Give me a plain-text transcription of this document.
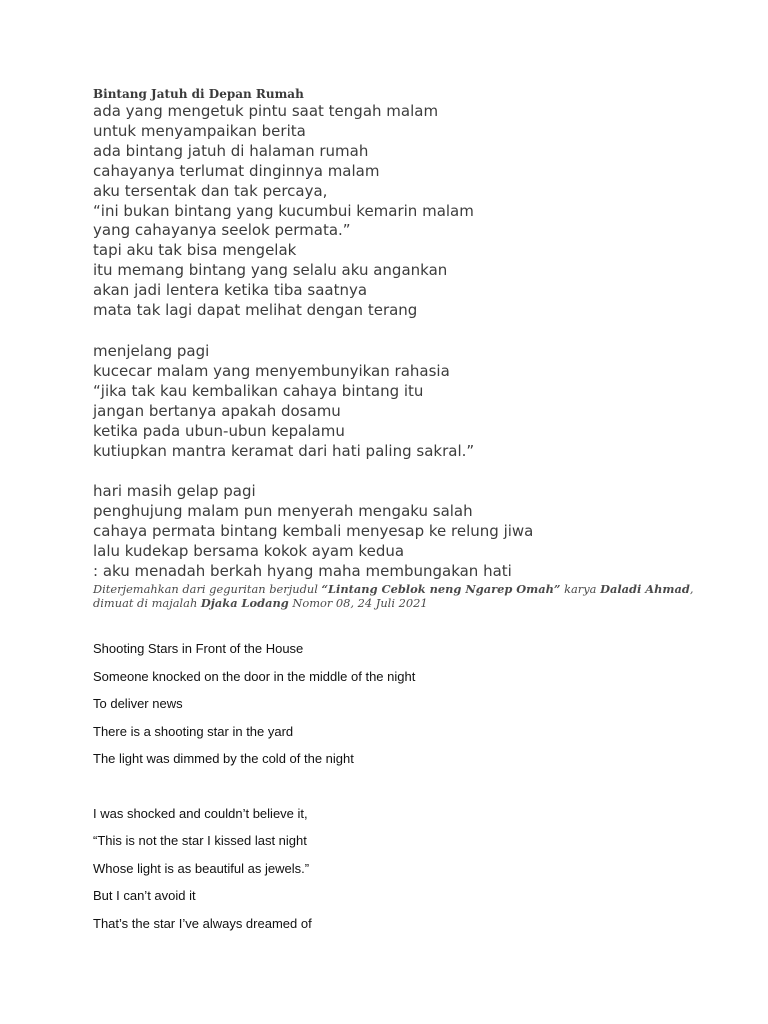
Bintang Jatuh di Depan Rumah
ada yang mengetuk pintu saat tengah malam
untuk menyampaikan berita
ada bintang jatuh di halaman rumah
cahayanya terlumat dinginnya malam
aku tersentak dan tak percaya,
“ini bukan bintang yang kucumbui kemarin malam
yang cahayanya seelok permata.”
tapi aku tak bisa mengelak
itu memang bintang yang selalu aku angankan
akan jadi lentera ketika tiba saatnya
mata tak lagi dapat melihat dengan terang
menjelang pagi
kucecar malam yang menyembunyikan rahasia
“jika tak kau kembalikan cahaya bintang itu
jangan bertanya apakah dosamu
ketika pada ubun-ubun kepalamu
kutiupkan mantra keramat dari hati paling sakral.”
hari masih gelap pagi
penghujung malam pun menyerah mengaku salah
cahaya permata bintang kembali menyesap ke relung jiwa
lalu kudekap bersama kokok ayam kedua
: aku menadah berkah hyang maha membungakan hati
Diterjemahkan dari geguritan berjudul “Lintang Ceblok neng Ngarep Omah” karya Daladi Ahmad,
dimuat di majalah Djaka Lodang Nomor 08, 24 Juli 2021
Shooting Stars in Front of the House
Someone knocked on the door in the middle of the night
To deliver news
There is a shooting star in the yard
The light was dimmed by the cold of the night
I was shocked and couldn’t believe it,
“This is not the star I kissed last night
Whose light is as beautiful as jewels.”
But I can’t avoid it
That’s the star I’ve always dreamed of
